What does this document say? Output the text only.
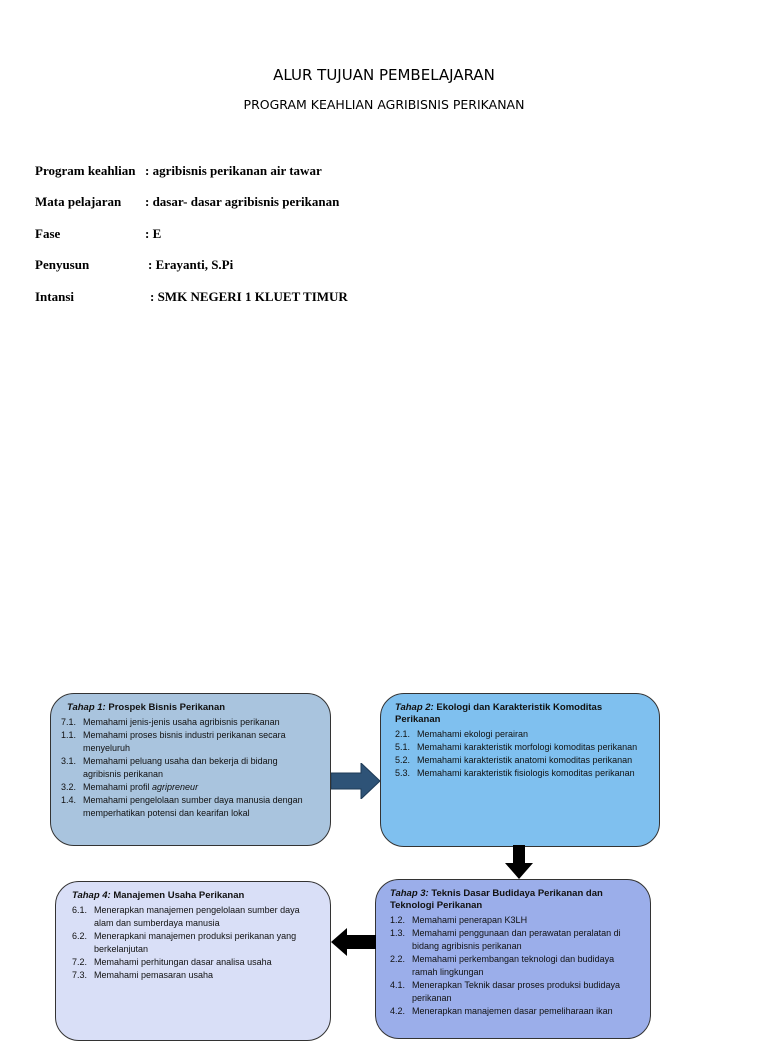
ALUR TUJUAN PEMBELAJARAN
PROGRAM KEAHLIAN AGRIBISNIS PERIKANAN
Program keahlian : agribisnis perikanan air tawar
Mata pelajaran : dasar- dasar agribisnis perikanan
Fase	: E
Penyusun	: Erayanti, S.Pi
Intansi	: SMK NEGERI 1 KLUET TIMUR
Tahap 1: Prospek Bisnis Perikanan
7.1. Memahami jenis-jenis usaha agribisnis perikanan
1.1. Memahami proses bisnis industri perikanan secara menyeluruh
3.1. Memahami peluang usaha dan bekerja di bidang agribisnis perikanan
3.2. Memahami profil agripreneur
1.4. Memahami pengelolaan sumber daya manusia dengan memperhatikan potensi dan kearifan lokal
Tahap 2: Ekologi dan Karakteristik Komoditas Perikanan
2.1. Memahami ekologi perairan
5.1. Memahami karakteristik morfologi komoditas perikanan
5.2. Memahami karakteristik anatomi komoditas perikanan
5.3. Memahami karakteristik fisiologis komoditas perikanan
Tahap 3: Teknis Dasar Budidaya Perikanan dan Teknologi Perikanan
1.2. Memahami penerapan K3LH
1.3. Memahami penggunaan dan perawatan peralatan di bidang agribisnis perikanan
2.2. Memahami perkembangan teknologi dan budidaya ramah lingkungan
4.1. Menerapkan Teknik dasar proses produksi budidaya perikanan
4.2. Menerapkan manajemen dasar pemeliharaan ikan
Tahap 4: Manajemen Usaha Perikanan
6.1. Menerapkan manajemen pengelolaan sumber daya alam dan sumberdaya manusia
6.2. Menerapkani manajemen produksi perikanan yang berkelanjutan
7.2. Memahami perhitungan dasar analisa usaha
7.3. Memahami pemasaran usaha
